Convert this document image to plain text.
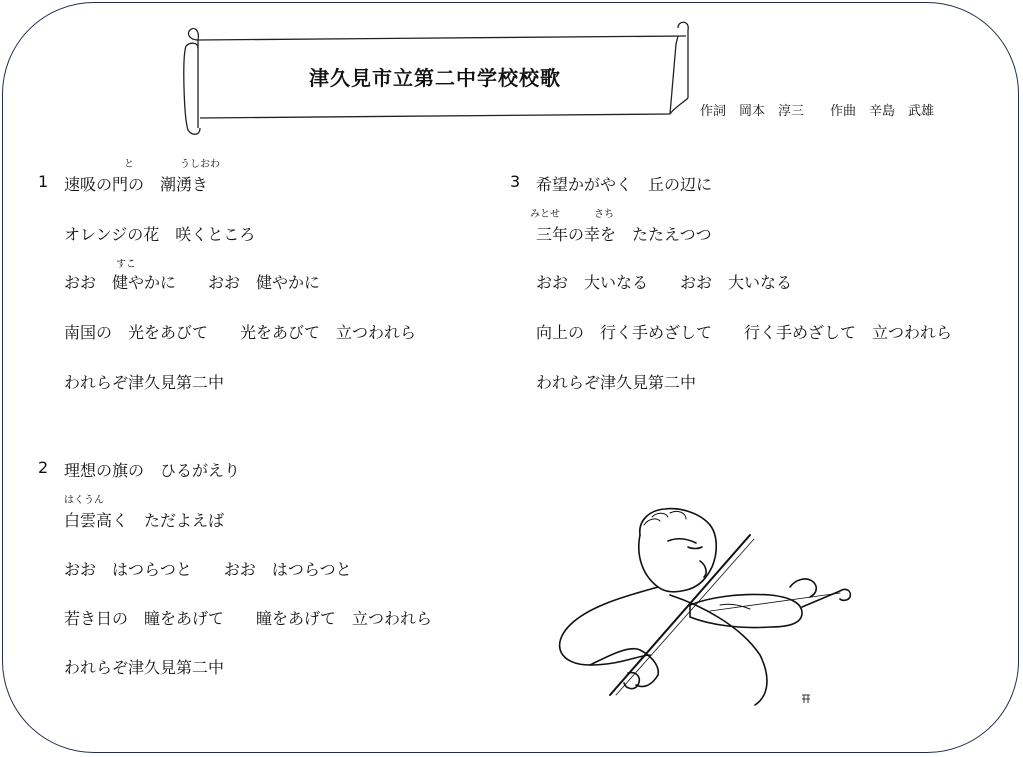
津久見市立第二中学校校歌
作詞　岡本　淳三　　作曲　辛島　武雄
と	うしおわ
1 速吸の門の　潮湧き
オレンジの花　咲くところ
すこ
おお　健やかに　　おお　健やかに
南国の　光をあびて　　光をあびて　立つわれら
われらぞ津久見第二中
3 希望かがやく　丘の辺に
みとせ	さち
三年の幸を　たたえつつ
おお　大いなる　　おお　大いなる
向上の　行く手めざして　　行く手めざして　立つわれら
われらぞ津久見第二中
2 理想の旗の　ひるがえり
はくうん
白雲高く　ただよえば
おお　はつらつと　　おお　はつらつと
若き日の　瞳をあげて　　瞳をあげて　立つわれら
われらぞ津久見第二中
